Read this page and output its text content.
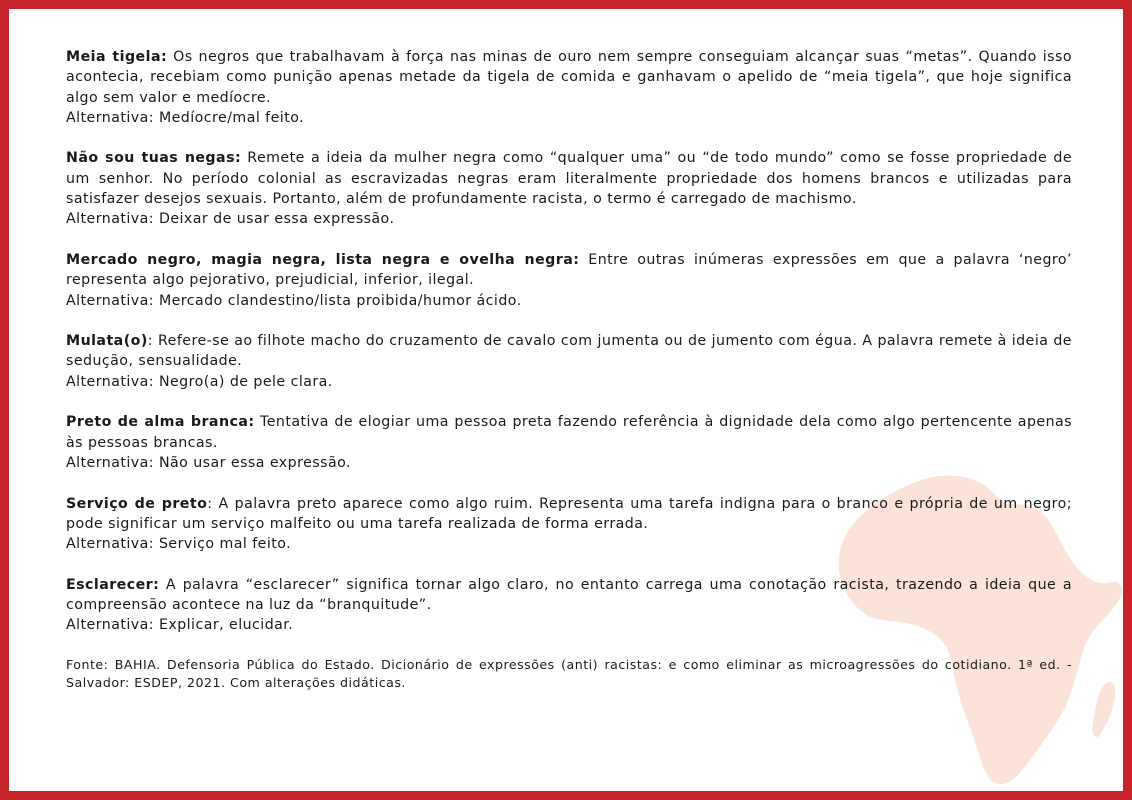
Meia tigela: Os negros que trabalhavam à força nas minas de ouro nem sempre conseguiam alcançar suas “metas”. Quando isso acontecia, recebiam como punição apenas metade da tigela de comida e ganhavam o apelido de “meia tigela”, que hoje significa algo sem valor e medíocre.
Alternativa: Medíocre/mal feito.

Não sou tuas negas: Remete a ideia da mulher negra como “qualquer uma” ou “de todo mundo” como se fosse propriedade de um senhor. No período colonial as escravizadas negras eram literalmente propriedade dos homens brancos e utilizadas para satisfazer desejos sexuais. Portanto, além de profundamente racista, o termo é carregado de machismo.
Alternativa: Deixar de usar essa expressão.

Mercado negro, magia negra, lista negra e ovelha negra: Entre outras inúmeras expressões em que a palavra ‘negro’ representa algo pejorativo, prejudicial, inferior, ilegal.
Alternativa: Mercado clandestino/lista proibida/humor ácido.

Mulata(o): Refere-se ao filhote macho do cruzamento de cavalo com jumenta ou de jumento com égua. A palavra remete à ideia de sedução, sensualidade.
Alternativa: Negro(a) de pele clara.

Preto de alma branca: Tentativa de elogiar uma pessoa preta fazendo referência à dignidade dela como algo pertencente apenas às pessoas brancas.
Alternativa: Não usar essa expressão.

Serviço de preto: A palavra preto aparece como algo ruim. Representa uma tarefa indigna para o branco e própria de um negro; pode significar um serviço malfeito ou uma tarefa realizada de forma errada.
Alternativa: Serviço mal feito.

Esclarecer: A palavra “esclarecer” significa tornar algo claro, no entanto carrega uma conotação racista, trazendo a ideia que a compreensão acontece na luz da “branquitude”.
Alternativa: Explicar, elucidar.

Fonte: BAHIA. Defensoria Pública do Estado. Dicionário de expressões (anti) racistas: e como eliminar as microagressões do cotidiano. 1ª ed. - Salvador: ESDEP, 2021. Com alterações didáticas.
